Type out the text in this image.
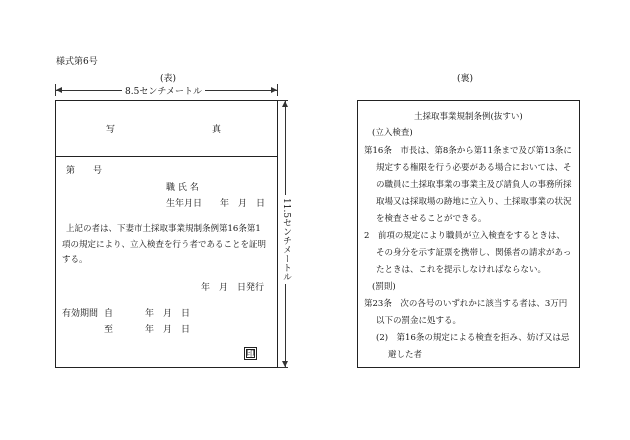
様式第6号
(表)
8.5センチメートル
写	真
第　　号
職 氏 名
生年月日　　年　月　日
上記の者は、下妻市土採取事業規制条例第16条第1
項の規定により、立入検査を行う者であることを証明
する。
年　月　日発行
有効期間 自	年　月　日
至	年　月　日
印
11.5センチメートル
(裏)
土採取事業規制条例(抜すい)
(立入検査)
第16条　市長は、第8条から第11条まで及び第13条に
規定する権限を行う必要がある場合においては、そ
の職員に土採取事業の事業主及び請負人の事務所採
取場又は採取場の跡地に立入り、土採取事業の状況
を検査させることができる。
2　前項の規定により職員が立入検査をするときは、
その身分を示す証票を携帯し、関係者の請求があっ
たときは、これを提示しなければならない。
(罰則)
第23条　次の各号のいずれかに該当する者は、3万円
以下の罰金に処する。
(2)　第16条の規定による検査を拒み、妨げ又は忌
避した者
